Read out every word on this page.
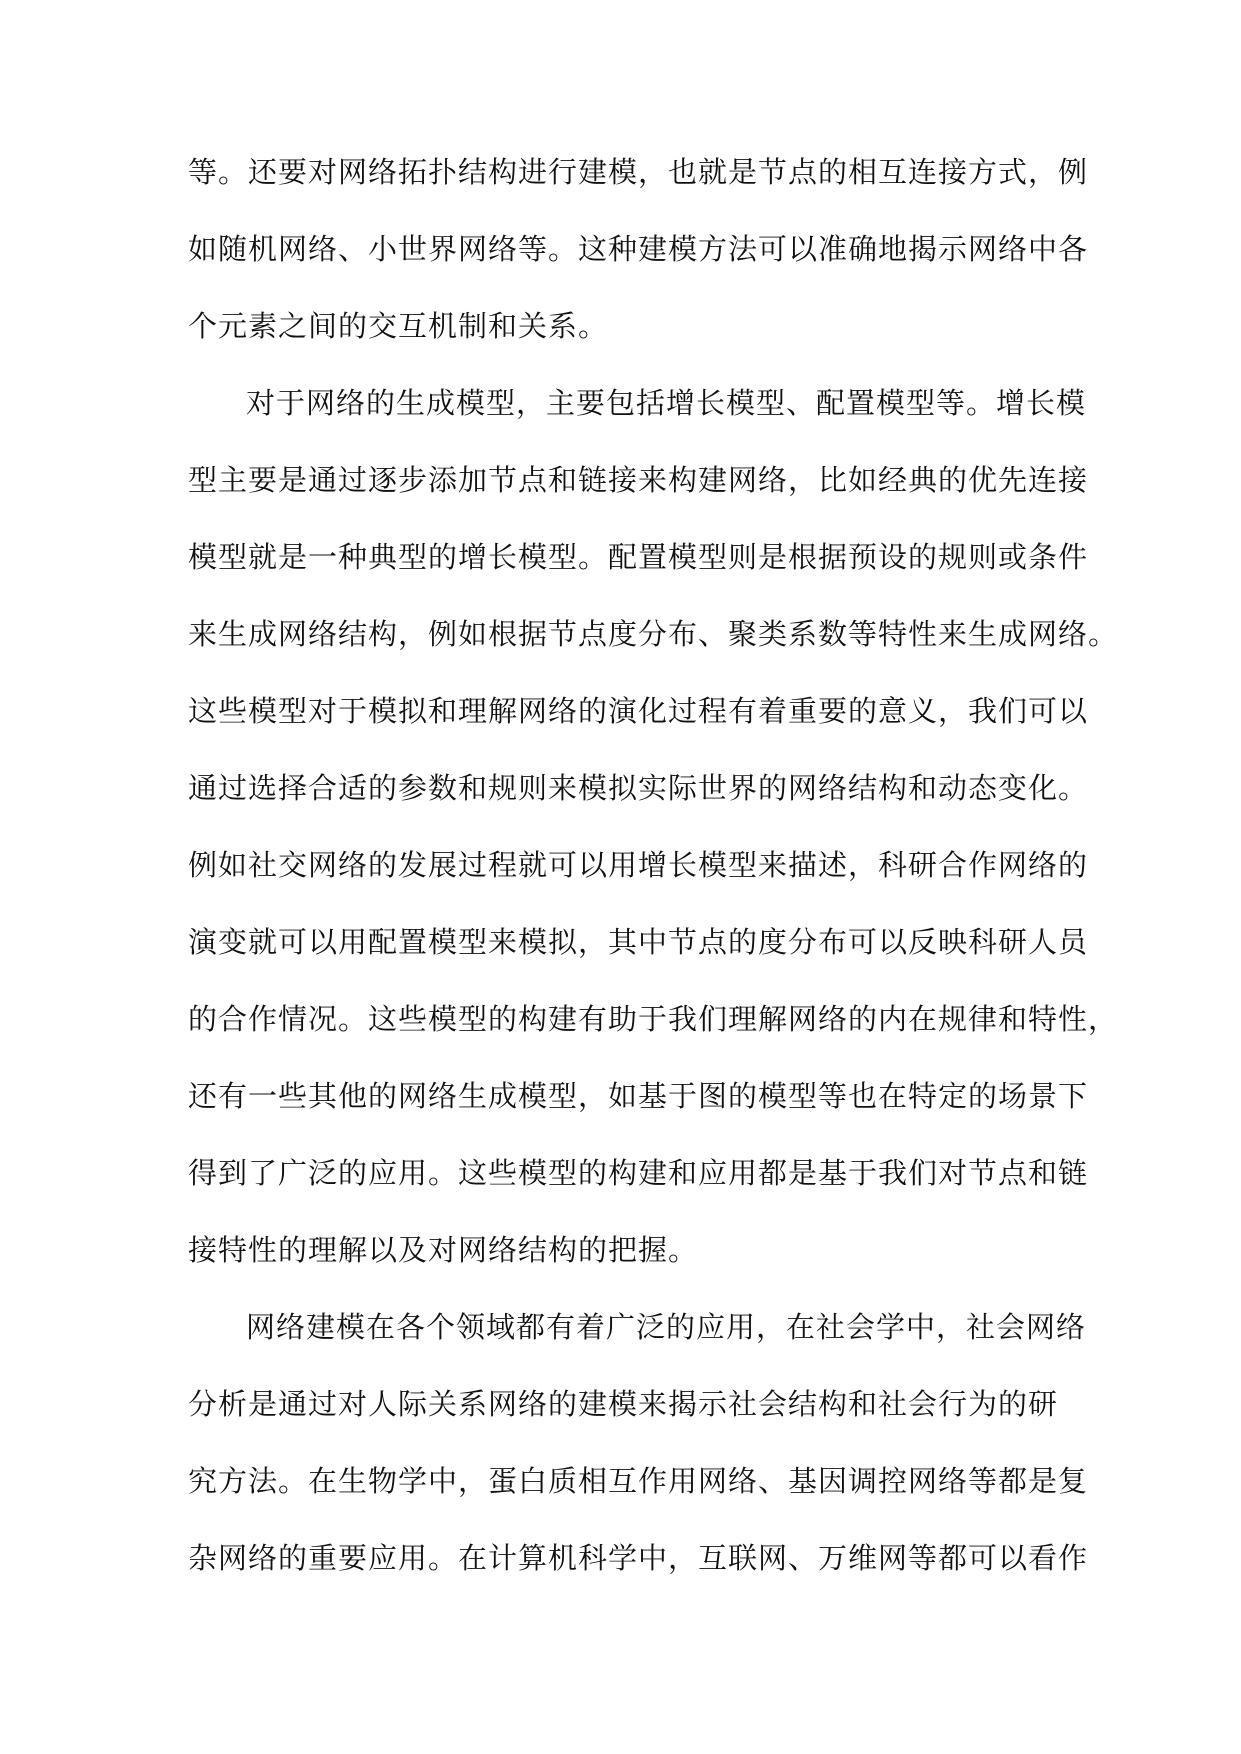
等。还要对网络拓扑结构进行建模，也就是节点的相互连接方式，例
如随机网络、小世界网络等。这种建模方法可以准确地揭示网络中各
个元素之间的交互机制和关系。
对于网络的生成模型，主要包括增长模型、配置模型等。增长模
型主要是通过逐步添加节点和链接来构建网络，比如经典的优先连接
模型就是一种典型的增长模型。配置模型则是根据预设的规则或条件
来生成网络结构，例如根据节点度分布、聚类系数等特性来生成网络。
这些模型对于模拟和理解网络的演化过程有着重要的意义，我们可以
通过选择合适的参数和规则来模拟实际世界的网络结构和动态变化。
例如社交网络的发展过程就可以用增长模型来描述，科研合作网络的
演变就可以用配置模型来模拟，其中节点的度分布可以反映科研人员
的合作情况。这些模型的构建有助于我们理解网络的内在规律和特性，
还有一些其他的网络生成模型，如基于图的模型等也在特定的场景下
得到了广泛的应用。这些模型的构建和应用都是基于我们对节点和链
接特性的理解以及对网络结构的把握。
网络建模在各个领域都有着广泛的应用，在社会学中，社会网络
分析是通过对人际关系网络的建模来揭示社会结构和社会行为的研
究方法。在生物学中，蛋白质相互作用网络、基因调控网络等都是复
杂网络的重要应用。在计算机科学中，互联网、万维网等都可以看作
